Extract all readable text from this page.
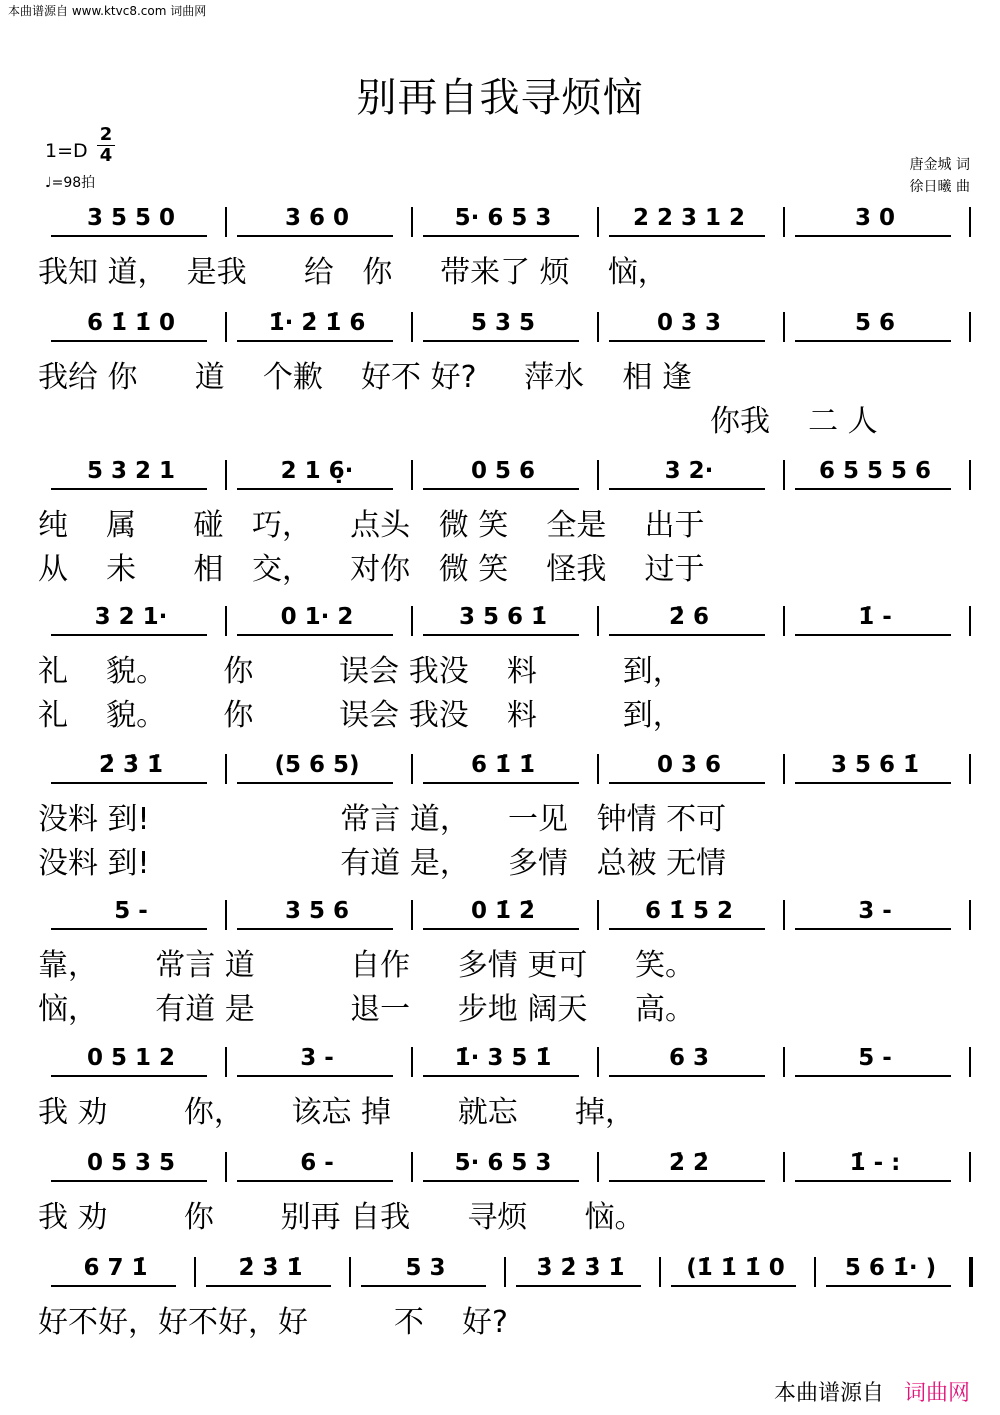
本曲谱源自 www.ktvc8.com 词曲网
别再自我寻烦恼
$1=D \frac{2}{4}$
♩=98拍
唐金城 词
徐日曦 曲
3 5 5 0	3 6 0	5· 6 5 3	2 2 3 1 2	3 0
我知 道，  是我      给   你     带来了 烦    恼，
6 1̇ 1̇ 0	1̇· 2̇ 1̇ 6	5 3 5	0 3 3	5 6
我给 你      道    个歉    好不 好?     萍水    相 逢
你我    二 人
5 3 2 1	2 1 6̣·	0 5 6	3 2·	6 5 5 5 6
纯    属      碰   巧，    点头   微 笑    全是    出于
从    未      相   交，    对你   微 笑    怪我    过于
3 2 1·	0 1· 2	3 5 6 1̇	2̇ 6	1̇ -
礼    貌。      你         误会 我没    料         到，
礼    貌。      你         误会 我没    料         到，
2̇ 3̇ 1̇	(5 6 5)	6 1̇ 1̇	0 3 6	3 5 6 1̇
没料 到!                    常言 道，    一见   钟情 不可
没料 到!                    有道 是，    多情   总被 无情
5 -	3 5 6	0 1̇ 2̇	6 1̇ 5 2	3 -
靠，      常言 道          自作     多情 更可     笑。
恼，      有道 是          退一     步地 阔天     高。
0 5 1 2	3 -	1̇· 3 5 1̇	6 3	5 -
我 劝        你，     该忘 掉       就忘      掉，
0 5 3 5	6 -	5· 6 5 3	2̇ 2̇	1̇ - :
我 劝        你       别再 自我      寻烦      恼。
6 7 1̇	2̇ 3̇ 1̇	5 3	3̇ 2̇ 3̇ 1̇	(1̇ 1̇ 1̇ 0	5 6 1̇· )
好不好，好不好，好         不    好?
本曲谱源自 词曲网
